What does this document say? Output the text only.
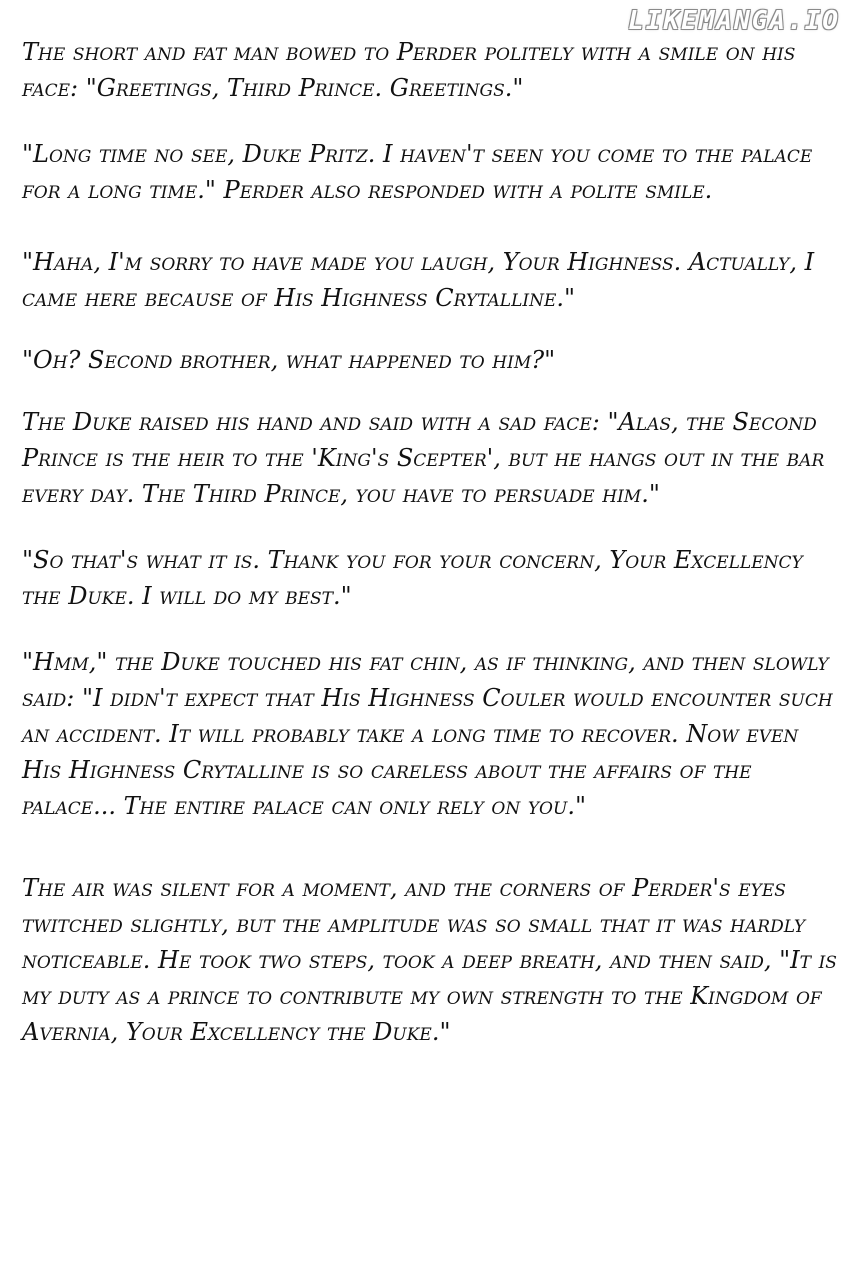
LIKEMANGA.IO

The short and fat man bowed to Perder politely with a smile on his face: "Greetings, Third Prince. Greetings."

"Long time no see, Duke Pritz. I haven't seen you come to the palace for a long time." Perder also responded with a polite smile.

"Haha, I'm sorry to have made you laugh, Your Highness. Actually, I came here because of His Highness Crytalline."

"Oh? Second brother, what happened to him?"

The Duke raised his hand and said with a sad face: "Alas, the Second Prince is the heir to the 'King's Scepter', but he hangs out in the bar every day. The Third Prince, you have to persuade him."

"So that's what it is. Thank you for your concern, Your Excellency the Duke. I will do my best."

"Hmm," the Duke touched his fat chin, as if thinking, and then slowly said: "I didn't expect that His Highness Couler would encounter such an accident. It will probably take a long time to recover. Now even His Highness Crytalline is so careless about the affairs of the palace... The entire palace can only rely on you."

The air was silent for a moment, and the corners of Perder's eyes twitched slightly, but the amplitude was so small that it was hardly noticeable. He took two steps, took a deep breath, and then said, "It is my duty as a prince to contribute my own strength to the Kingdom of Avernia, Your Excellency the Duke."
